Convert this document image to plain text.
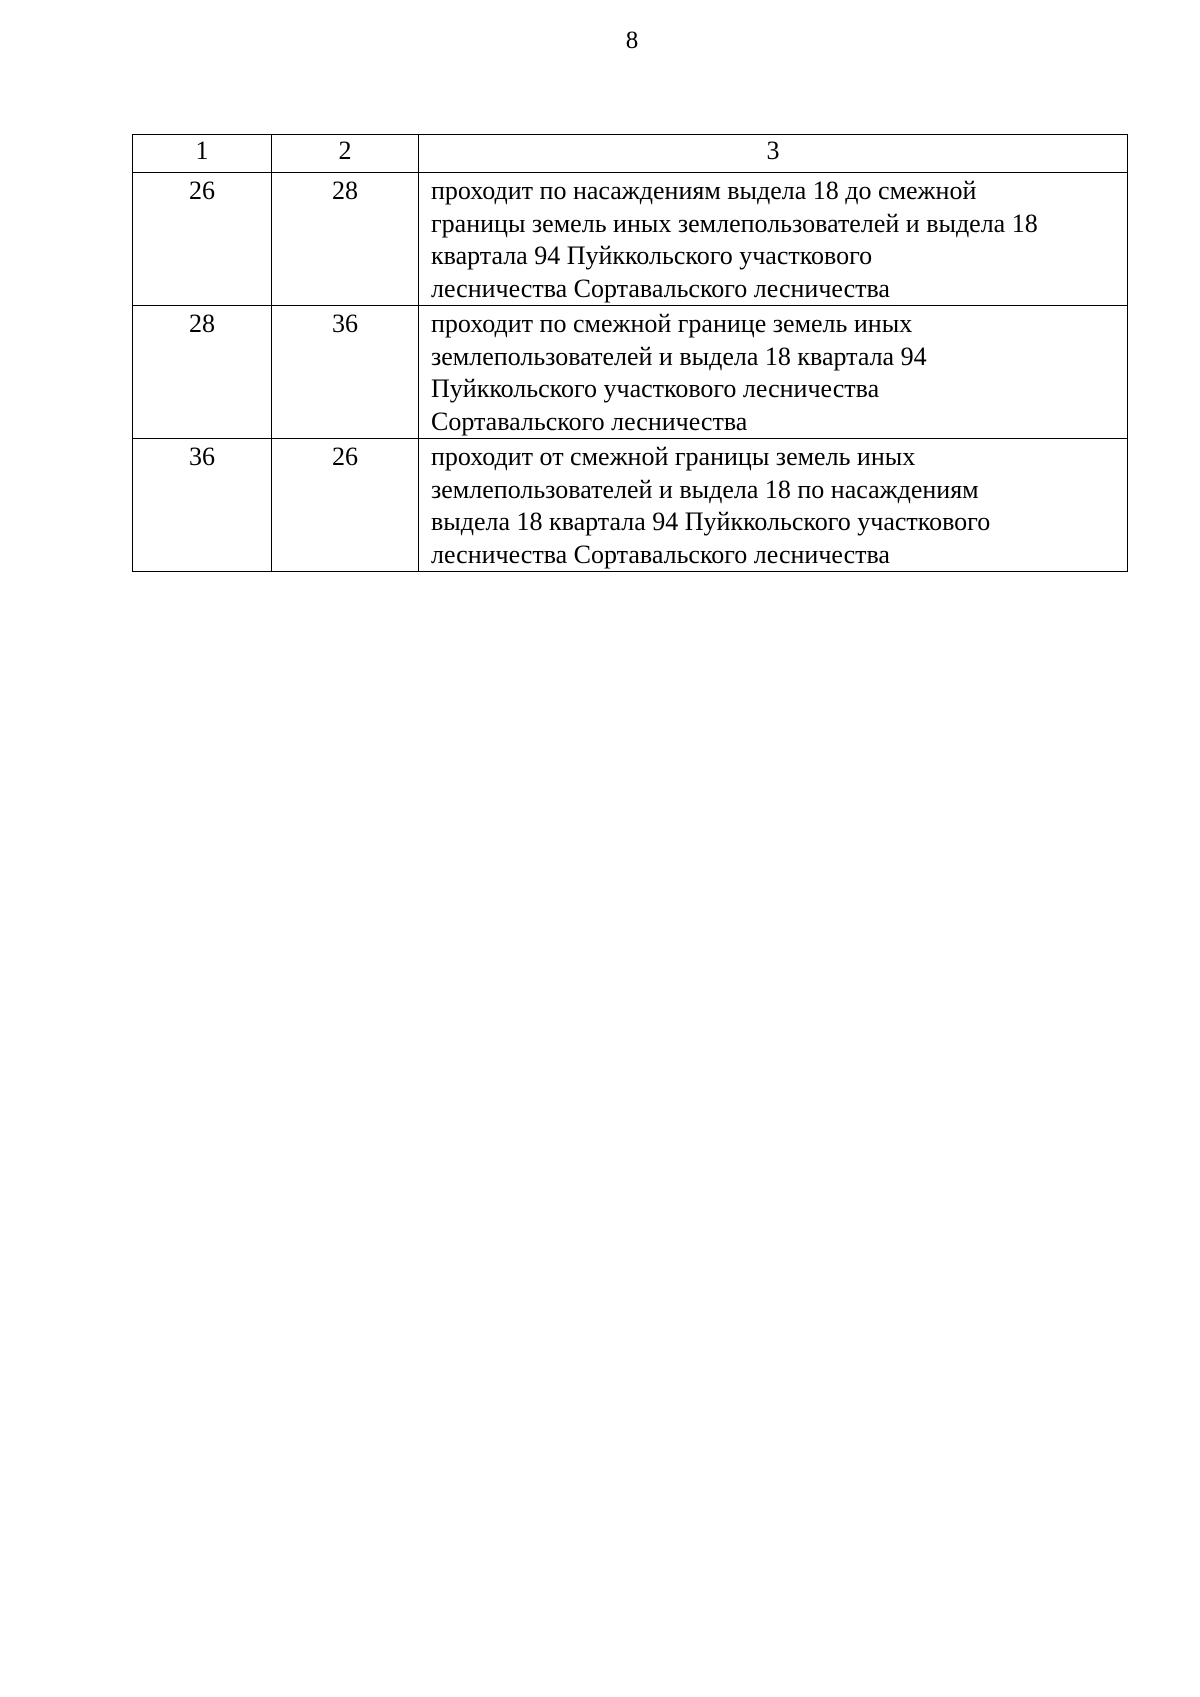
8
1	2	3
26	28	проходит по насаждениям выдела 18 до смежной
границы земель иных землепользователей и выдела 18
квартала 94 Пуйккольского участкового
лесничества Сортавальского лесничества

28	36	проходит по смежной границе земель иных
землепользователей и выдела 18 квартала 94
Пуйккольского участкового лесничества
Сортавальского лесничества

36	26	проходит от смежной границы земель иных
землепользователей и выдела 18 по насаждениям
выдела 18 квартала 94 Пуйккольского участкового
лесничества Сортавальского лесничества
